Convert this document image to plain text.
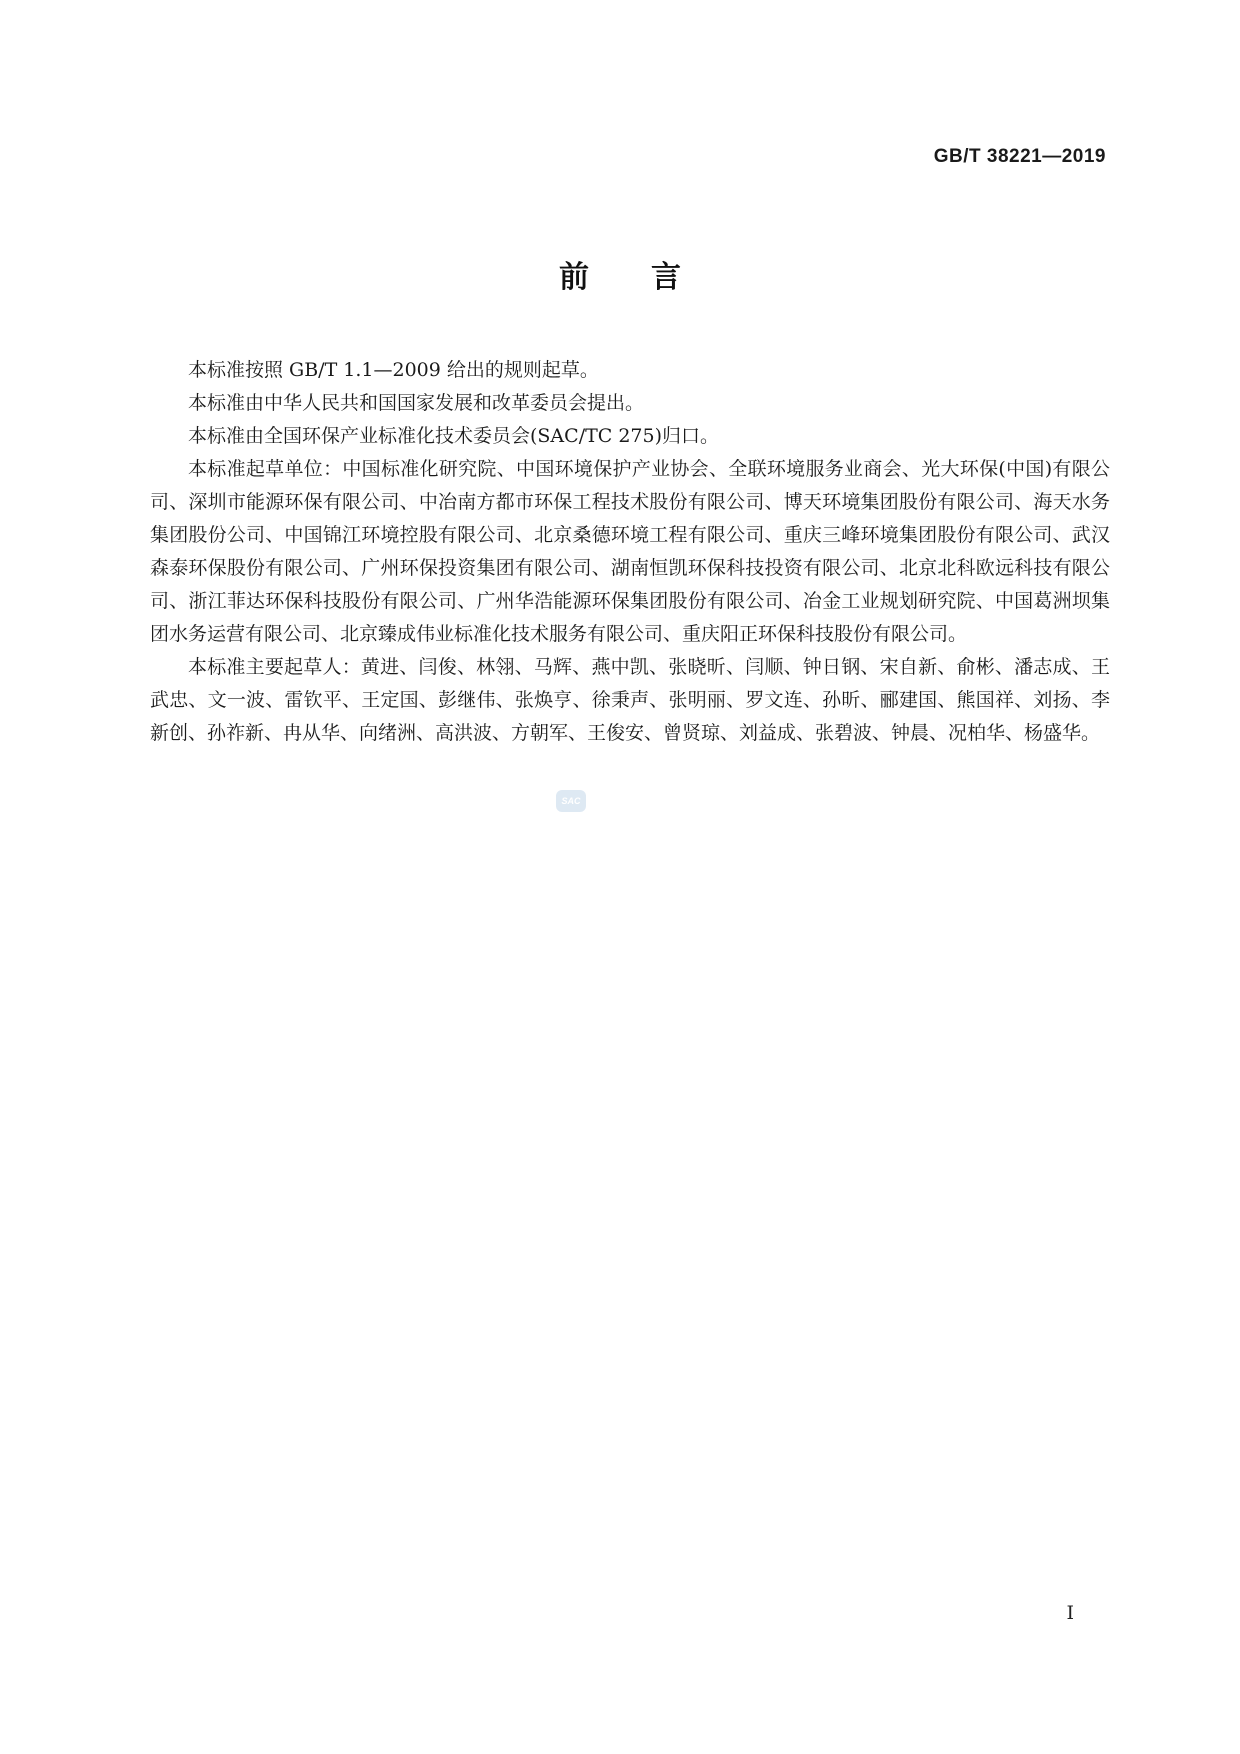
GB/T 38221—2019
前言

本标准按照 GB/T 1.1—2009 给出的规则起草。

本标准由中华人民共和国国家发展和改革委员会提出。

本标准由全国环保产业标准化技术委员会(SAC/TC 275)归口。

本标准起草单位：中国标准化研究院、中国环境保护产业协会、全联环境服务业商会、光大环保(中国)有限公司、深圳市能源环保有限公司、中冶南方都市环保工程技术股份有限公司、博天环境集团股份有限公司、海天水务集团股份公司、中国锦江环境控股有限公司、北京桑德环境工程有限公司、重庆三峰环境集团股份有限公司、武汉森泰环保股份有限公司、广州环保投资集团有限公司、湖南恒凯环保科技投资有限公司、北京北科欧远科技有限公司、浙江菲达环保科技股份有限公司、广州华浩能源环保集团股份有限公司、冶金工业规划研究院、中国葛洲坝集团水务运营有限公司、北京臻成伟业标准化技术服务有限公司、重庆阳正环保科技股份有限公司。

本标准主要起草人：黄进、闫俊、林翎、马辉、燕中凯、张晓昕、闫顺、钟日钢、宋自新、俞彬、潘志成、王武忠、文一波、雷钦平、王定国、彭继伟、张焕亨、徐秉声、张明丽、罗文连、孙昕、郦建国、熊国祥、刘扬、李新创、孙祚新、冉从华、向绪洲、高洪波、方朝军、王俊安、曾贤琼、刘益成、张碧波、钟晨、况柏华、杨盛华。

SAC
I
